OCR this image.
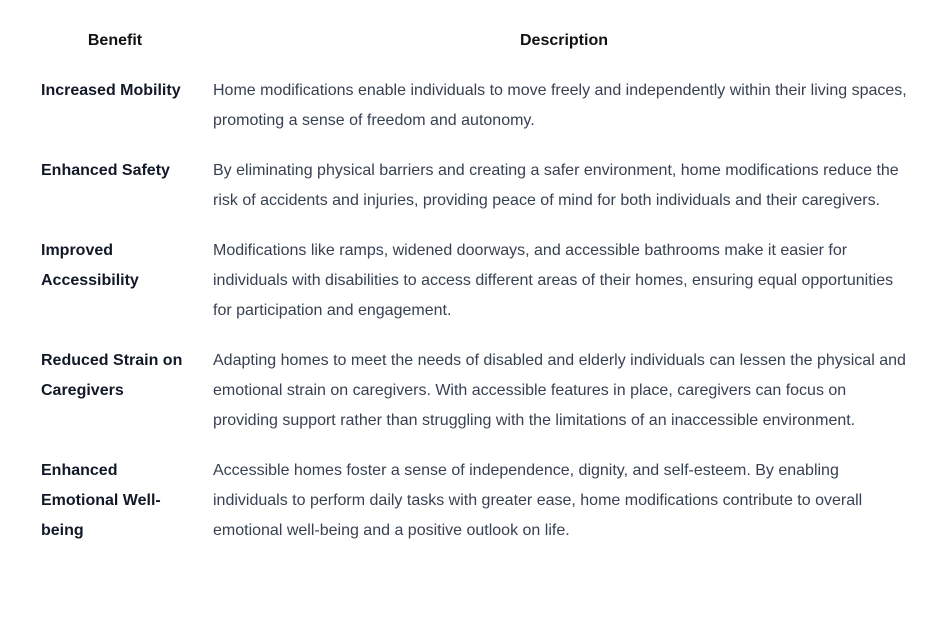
Benefit	Description
Increased Mobility	Home modifications enable individuals to move freely and independently within their living spaces, promoting a sense of freedom and autonomy.
Enhanced Safety	By eliminating physical barriers and creating a safer environment, home modifications reduce the risk of accidents and injuries, providing peace of mind for both individuals and their caregivers.
Improved Accessibility	Modifications like ramps, widened doorways, and accessible bathrooms make it easier for individuals with disabilities to access different areas of their homes, ensuring equal opportunities for participation and engagement.
Reduced Strain on Caregivers	Adapting homes to meet the needs of disabled and elderly individuals can lessen the physical and emotional strain on caregivers. With accessible features in place, caregivers can focus on providing support rather than struggling with the limitations of an inaccessible environment.
Enhanced Emotional Well-being	Accessible homes foster a sense of independence, dignity, and self-esteem. By enabling individuals to perform daily tasks with greater ease, home modifications contribute to overall emotional well-being and a positive outlook on life.
